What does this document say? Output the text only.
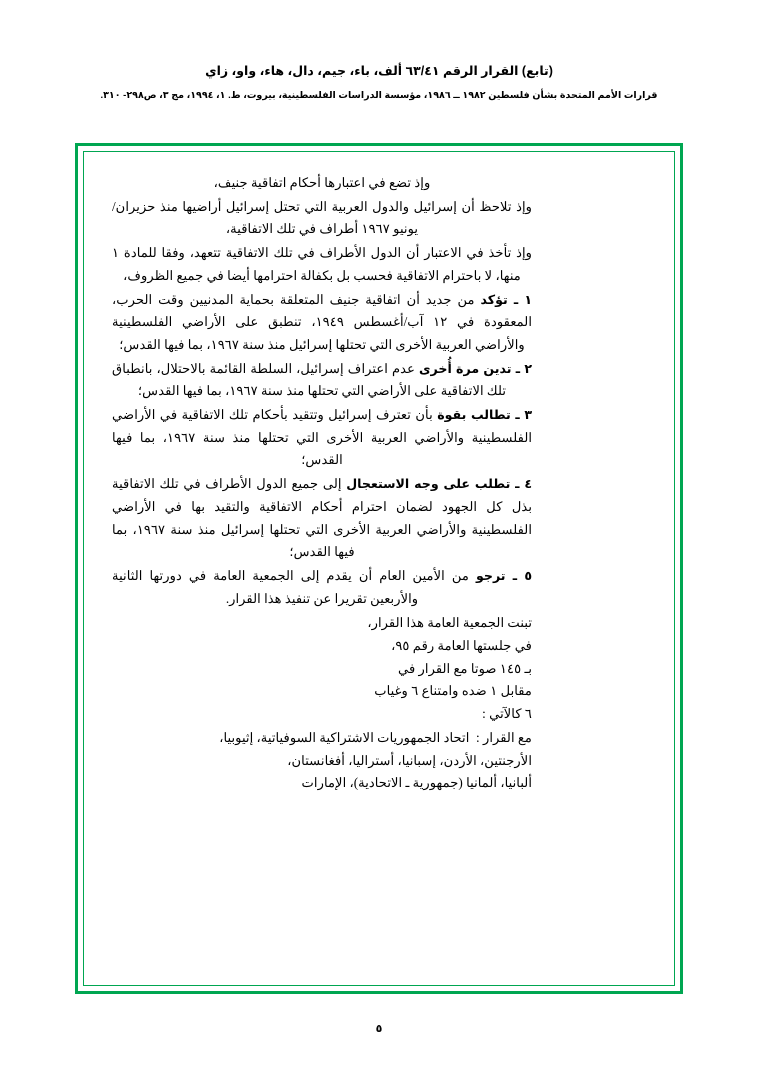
(تابع) القرار الرقم ٦٣/٤١ ألف، باء، جيم، دال، هاء، واو، زاي
قرارات الأمم المتحدة بشأن فلسطين ١٩٨٢ ــ ١٩٨٦، مؤسسة الدراسات الفلسطينية، بيروت، ط. ١، ١٩٩٤، مج ٣، ص٢٩٨- ٣١٠.

وإذ تضع في اعتبارها أحكام اتفاقية جنيف،

وإذ تلاحظ أن إسرائيل والدول العربية التي تحتل إسرائيل أراضيها منذ حزيران/يونيو ١٩٦٧ أطراف في تلك الاتفاقية،

وإذ تأخذ في الاعتبار أن الدول الأطراف في تلك الاتفاقية تتعهد، وفقا للمادة ١ منها، لا باحترام الاتفاقية فحسب بل بكفالة احترامها أيضا في جميع الظروف،

١ ـ تؤكد من جديد أن اتفاقية جنيف المتعلقة بحماية المدنيين وقت الحرب، المعقودة في ١٢ آب/أغسطس ١٩٤٩، تنطبق على الأراضي الفلسطينية والأراضي العربية الأخرى التي تحتلها إسرائيل منذ سنة ١٩٦٧، بما فيها القدس؛

٢ ـ تدين مرة أُخرى عدم اعتراف إسرائيل، السلطة القائمة بالاحتلال، بانطباق تلك الاتفاقية على الأراضي التي تحتلها منذ سنة ١٩٦٧، بما فيها القدس؛

٣ ـ تطالب بقوة بأن تعترف إسرائيل وتتقيد بأحكام تلك الاتفاقية في الأراضي الفلسطينية والأراضي العربية الأخرى التي تحتلها منذ سنة ١٩٦٧، بما فيها القدس؛

٤ ـ تطلب على وجه الاستعجال إلى جميع الدول الأطراف في تلك الاتفاقية بذل كل الجهود لضمان احترام أحكام الاتفاقية والتقيد بها في الأراضي الفلسطينية والأراضي العربية الأخرى التي تحتلها إسرائيل منذ سنة ١٩٦٧، بما فيها القدس؛

٥ ـ ترجو من الأمين العام أن يقدم إلى الجمعية العامة في دورتها الثانية والأربعين تقريرا عن تنفيذ هذا القرار.

تبنت الجمعية العامة هذا القرار،

في جلستها العامة رقم ٩٥،

بـ ١٤٥ صوتا مع القرار في

مقابل ١ ضده وامتناع ٦ وغياب

٦ كالآتي :

مع القرار :  اتحاد الجمهوريات الاشتراكية السوفياتية، إثيوبيا،

الأرجنتين، الأردن، إسبانيا، أستراليا، أفغانستان،

ألبانيا، ألمانيا (جمهورية ـ الاتحادية)، الإمارات

٥
